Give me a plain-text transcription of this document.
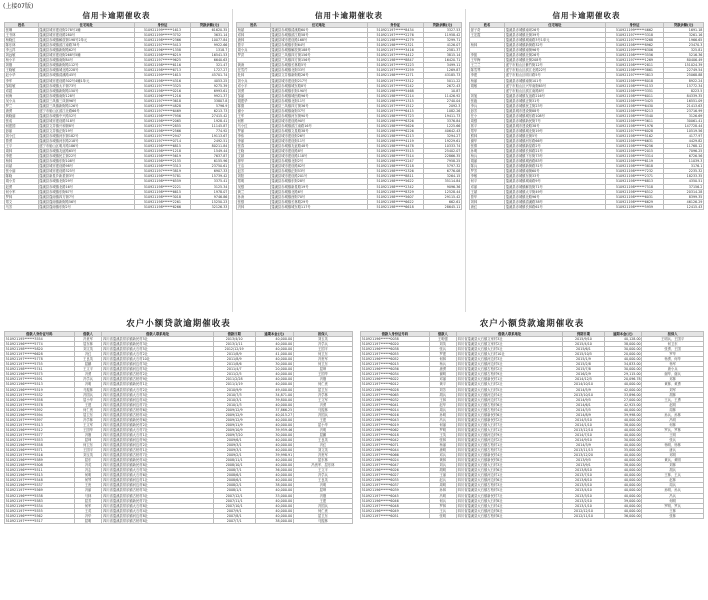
(上接07版)
信用卡逾期催收表
姓名	住宅地址	身份证	贷款余额(元)
张琳	蓬溪县城市建设街278号1幢	510921199******1613	61620.35
王书林	蓬溪县城市建设路280号	510921199******3752	3631.14
杨晓红	蓬溪县赤城镇解放街198号2单元	510921198******2366	10077.84
陈东林	蓬溪县赤城镇滨江南路78号	510921197******5413	9922.66
李云祥	蓬溪县赤城镇新街路62号	510921196******1358	1318.7
刘远敏	蓬溪县城市建设街268号5幢	510921198******6219	16541.53
杨小平	蓬溪县赤城镇南街84号	510921197******9625	6640.63
刘刚	蓬溪县赤城镇新街路112号	510921198******6116	321.47
王晓敏	蓬溪县赤城镇城北路228号	510921198******6713	1727.27
赵小华	蓬溪县赤城镇清溪路45号	510921199******1615	45701.74
李军	蓬溪县城市建设路302号4幢1单元	510921198******4316	4053.25
邹绍敏	蓬溪县赤城镇太平街73号	510921197******3325	9275.39
邓超	蓬溪县赤城镇新街路150号	510921198******0216	6993.61
何海	蓬溪县赤城镇南街128号	510921196******1216	9921.37
吴小兵	蓬溪县三凤镇三凤街96号	510921197******3618	33807.8
罗兰	蓬溪县三凤镇新街路126号	510921198******4828	5796.9
唐勇	遂宁市船山区滨江北路66号	510921197******6469	6213.73
黄晓丽	蓬溪县赤城镇中兴路52号	510921198******7956	27415.42
张成	蓬溪县城市建设路318号	510921198******2065	1928.41
何建国	蓬溪县文井镇兴和街8号	510921197******2855	11145.87
彭丽	蓬溪县文井镇正街19号	510921198******2566	774.92
刘小红	蓬溪县赤城镇河东街182号	510921197******2947	19113.67
曾勇	蓬溪县赤城镇河东路218号	510921197******0714	2492.51
王平	遂宁市船山区明月路186号	510921198******6815	80211.84
周林	蓬溪县赤城镇友谊路65号	510921198******1218	1549.44
李建	蓬溪县赤城镇民主街22号	510921198******5619	7637.87
杨林	蓬溪县赤城镇东街108号	510921198******2155	6155.96
向斌	蓬溪县城市建设路98号	510921198******3313	23750.61
张小丽	蓬溪县城市建设路325号	510921197******3819	6907.33
陈晓	蓬溪县新星乡新星街3号	510921198******5781	15739.42
胡小芳	蓬溪县赤城镇北街29号	510921198******6559	3375.41
赵勇	蓬溪县赤城镇北路16号	510921198******2221	3125.34
何小军	蓬溪县赤城镇东街67号	510921198******6615	1978.07
罗林	蓬溪县蓬南镇四方街7号	510921198******3018	9746.86
郑文	蓬溪县蓬南镇新街路56号	510921198******2261	15250.23
马芳	蓬溪县蓬南镇东街2号	510921198******6266	32126.33
信用卡逾期催收表
姓名	住宅地址	身份证	贷款余额(元)
杨斌	蓬溪县赤城镇清溪路60号	510921197******8434	3327.53
邓林	蓬溪县赤城镇滨江路58号	510921197******2276	11958.42
唐林	蓬溪县城市建设路168号	510921198******4279	3299.71
曾平	蓬溪县赤城镇东街64号	510921198******2321	4126.07
周小兵	蓬溪县赤城镇解放街188号	510921197******3416	2581.37
罗洪	蓬溪县三凤镇四方街156号	510921197******4412	3815.14
	蓬溪县三凤镇四方街156号	510921198******8847	16420.71
黄涛	蓬溪县赤城镇长林路5号	510921197******3223	3499.11
任雪芹	蓬溪县赤城镇北街33号	510921197******3259	1269.87
杜林	蓬溪县文井镇新街路26号	510921198******1271	43185.73
刘小兵	蓬溪县城市建设街217号	510921197******3312	5011.22
邓小平	蓬溪县赤城镇城东路8号	510921197******5242	2672.43
刘勇	蓬溪县赤城镇东街190号	510921198******5468	10.87
邹丽	蓬溪县赤城镇城西路96号	510921198******2214	11426.92
胡建华	蓬溪县赤城镇北街11号	510921198******1315	2740.04
陈德	蓬溪县三凤镇四方街36号	510921197******1512	2092.3
谢小	蓬溪县赤城镇南街37号	510921197******6415	1082.26
王军	蓬溪县赤城镇河东街90号	510921198******5723	19411.73
何彬	蓬溪县城市建设路90号	510921198******6326	3376.84
马小红	蓬溪县赤城镇滨江南路16号	510921198******5626	1225.66
罗丽	蓬溪县赤城镇文星路38号	510921198******6226	40642.43
李伟	蓬溪县城市建设街26号	510921198******4213	3294.27
李丽	蓬溪县城市建设街11号	510921198******4119	19229.61
张春	蓬溪县赤城镇友谊路48号	510921198******4478	10333.74
王晓	蓬溪县城市建设路8号	510921198******3515	25402.07
文颖	蓬溪县城市建设路118号	510921198******7514	22866.35
廖华	蓬溪县赤城镇北街2号	510921198******2247	7958.25
王洁	蓬溪县城市建设路82号	510921198******3218	5797.32
赵芳	蓬溪县赤城镇正街53号	510921198******2326	6776.08
刘阳	蓬溪县城市建设路201号	510921198******8811	3264.15
郑明	蓬溪县赤城镇东街28号	510921198******5622	35114.84
吴强	蓬溪县赤城镇新星路19号	510921198******2342	9096.36
黄兰	蓬溪县赤城镇北路6号	510921198******8329	12528.44
孙涛	蓬溪县赤城镇西街70号	510921198******5607	29115.42
张强	蓬溪县赤城镇长林路29号	510921198******6622	662.61
冯林	蓬溪县赤城镇城东路117号	510921198******6618	28645.11
信用卡逾期催收表
姓名	住宅地址	身份证	贷款余额(元)
晏子奇	蓬溪县赤城镇南坝26号	510921199******4662	1691.18
王宏霞	蓬溪县赤城镇北街39号	510921197******3318	3261.16
	蓬溪县赤城镇城南路3号1单元	510921197******3268	1966.65
杨林	蓬溪县赤城镇新街路32号	510921198******8962	23470.3
	蓬溪县赤城镇南街96号	510921199******6306	325.81
李振	蓬溪县赤城镇北街26号	510921198******3556	5216.36
王华梅	蓬溪县赤城镇北街208号	510921197******1269	80406.49
王兰兰	遂宁市船山区紫竹街12号	510921198******2811	151024.39
陈雪琴	遂宁市船山区滨江北路22号	510921198******3861	22749.54
李建	遂宁市船山区明月路5号	510921197******3813	25068.88
杨丽	蓬溪县赤城镇南街101号	510921198******8018	8922.24
胡敏	遂宁市船山区兴华南街65号	510921198******4153	15772.34
	遂宁市船山区滨江南路8号	510921198******3351	8223.5
刘旭	蓬溪县赤城镇友谊路216号	510921198******6011	84339.35
张毅	蓬溪县赤城镇正街31号	510921198******3425	16551.09
李兵	蓬溪县赤城镇民主街23号	510921198******6430	21413.63
彭芳	蓬溪县城市建设街88号	510921198******8213	23716.99
任小	蓬溪县赤城镇城东路108号	510921198******3540	3126.69
周强	蓬溪县赤城镇新民街7号	510921198******3611	30061.41
郭平	蓬溪县城市建设路38号	510921198******1976	147728.44
郑华	蓬溪县赤城镇城北街19号	510921197******6028	10519.56
熊林	蓬溪县赤城镇北街5号	510921198******5162	4177.97
谢华	蓬溪县赤城镇河东路66号	510921198******6631	4429.82
张倩	蓬溪县赤城镇新星路2号	510921198******6256	11768.12
孙明	蓬溪县赤城镇长林路21号	510921198******2015	7096.25
杨兵	蓬溪县赤城镇下东街73号	510921198******3314	6726.56
胡丽	蓬溪县赤城镇城西路83号	510921198******6119	11039.3
陈兵	蓬溪县赤城镇新街路31号	510921198******3818	3176.1
罗芳	蓬溪县赤城镇南街60号	510921198******7232	2235.32
李敏	蓬溪县赤城镇东街33号	510921198******2371	18233.35
何平	蓬溪县赤城镇城南路9号	510921198******6813	4350.51
邓丽	蓬溪县赤城镇解放街71号	510921198******7518	37156.2
王斌	蓬溪县赤城镇太平街49号	510921198******6512	20314.28
曾华	蓬溪县赤城镇北路96号	510921198******6031	8399.35
刘林	蓬溪县赤城镇清溪路38号	510921198******6629	46126.29
唐红	蓬溪县赤城镇长林路61号	510921198******5959	12415.43
农户小额贷款逾期催收表
借款人身份证号码	借款人	借款人联系地址	借款日期	逾期本金(元)	担保人
510921195******3554	冯贵军	四川省蓬溪县常乐镇新民村5社	2013/4/10	40,000.00	刘玉英
510921196******5774	屈东林	四川省蓬溪县常乐镇新民村3社	2013/1/11	40,000.00	冯学兵
510921198******5820	刘文英	四川省蓬溪县常乐镇大石村5社	2012/12/19	40,000.00	王国平
510921197******6628	冯红	四川省蓬溪县常乐镇大石村2社	2011/8/9	41,000.00	何卫东
510921197******5778	王良英	四川省蓬溪县常乐镇大石村10社	2011/8/9	40,000.00	冯贵军
510921197******5755	屈鹏	四川省蓬溪县常乐镇河边村3社	2011/8/6	30,000.00	何卫东
510921198******5741	王文平	四川省蓬溪县常乐镇河边村5社	2011/4/7	20,000.00	屈坤
510921196******5575	冯勇	四川省蓬溪县常乐镇古柏村2社	2011/2/5	40,000.00	王国华
510921197******5591	冯学兵	四川省蓬溪县常乐镇古柏村9社	2011/2/28	40,000.00	冯刚
510921196******5513	冯明	四川省蓬溪县常乐镇新民村1社	2011/1/19	40,000.00	何仁贵
510921196******5519	马振林	四川省蓬溪县常乐镇大石村2社	2010/9/9	49,400.00	屈卫东
510921197******5532	冯国兵	四川省蓬溪县常乐镇大石村5社	2010/7/3	34,871.00	冯学林
510921196******5558	屈小华	四川省蓬溪县常乐镇河边村4社	2010/3/1	39,800.00	王文军
510921197******5578	王建	四川省蓬溪县常乐镇河边村7社	2010/1/3	40,000.00	冯勇
510921196******5592	何仁贵	四川省蓬溪县常乐镇古柏村6社	2009/12/9	37,866.25	马振林
510921196******5594	屈卫东	四川省蓬溪县常乐镇古柏村4社	2009/12/9	40,015.27	冯国兵
510921197******5597	冯学林	四川省蓬溪县常乐镇新民村6社	2009/12/9	40,000.00	王建
510921197******5513	王文军	四川省蓬溪县常乐镇新民村2社	2009/11/9	40,000.00	屈小华
510921196******5512	王国华	四川省蓬溪县常乐镇大石村7社	2009/10/9	39,959.46	冯明
510921197******5577	冯刚	四川省蓬溪县常乐镇大石村1社	2009/7/20	30,000.00	屈鹏
510921197******5553	屈坤	四川省蓬溪县常乐镇河边村9社	2009/6/1	40,000.00	王良英
510921196******5558	何卫东	四川省蓬溪县常乐镇河边村2社	2009/3/1	40,000.00	冯红
510921196******5571	王国平	四川省蓬溪县常乐镇古柏村1社	2009/3/1	40,000.00	刘文英
510921197******5516	刘玉英	四川省蓬溪县常乐镇古柏村7社	2009/2/1	39,998.91	冯贵军
510921196******5589	屈东	四川省蓬溪县常乐镇新民村4社	2008/11/1	40,000.00	屈东林
510921198******5508	冯英	四川省蓬溪县常乐镇新民村8社	2008/10/1	40,000.00	冯贵军、屈东林
510921196******5511	冯志	四川省蓬溪县常乐镇大石村3社	2008/7/1	36,000.00	王文平
510921196******5515	何明	四川省蓬溪县常乐镇大石村6社	2008/6/1	40,000.00	冯学兵
510921197******5548	何琴	四川省蓬溪县常乐镇河边村1社	2008/6/1	40,000.00	王良英
510921196******5537	王贵	四川省蓬溪县常乐镇河边村6社	2008/2/1	38,000.00	冯明
510921197******5569	冯丽	四川省蓬溪县常乐镇古柏村3社	2008/1/1	40,000.00	屈坤
510921196******5538	马林	四川省蓬溪县常乐镇古柏村5社	2007/12/1	33,000.00	冯刚
510921197******5583	屈芳	四川省蓬溪县常乐镇新民村7社	2007/11/1	40,000.00	王建
510921196******5534	何军	四川省蓬溪县常乐镇大石村8社	2007/10/1	40,000.00	冯国兵
510921197******5555	王英	四川省蓬溪县常乐镇大石村4社	2007/9/1	40,000.00	何仁贵
510921196******5562	冯华	四川省蓬溪县常乐镇河边村8社	2007/8/1	40,000.00	屈卫东
510921197******5517	屈明	四川省蓬溪县常乐镇古柏村8社	2007/7/1	38,000.00	马振林
农户小额贷款逾期催收表
借款人身份证号码	借款人	借款人联系地址	到期日期	逾期本金(元)	担保人
510921196******0038	王明强	四川省蓬溪县大石镇文家村3社	2015/9/10	40,128.00	王明兵、王国平
510921197******6020	刘英	四川省蓬溪县大石镇文家村2社	2015/4/10	38,000.00	何卫东
510921196******6038	张兵	四川省蓬溪县大石镇大石村5社	2015/6/1	30,000.00	张勇、王国
510921197******6055	罗建	四川省蓬溪县大石镇大石村10社	2015/10/5	20,000.00	罗华
510921196******6052	何林	四川省蓬溪县大石镇河边村3社	2015/1/9	40,000.00	杨勇、何华
510921197******6015	杨兵	四川省蓬溪县大石镇河边村5社	2015/2/8	34,833.00	杨军
510921196******6036	唐勇	四川省蓬溪县大石镇古柏村2社	2015/7/8	30,000.00	唐小兵
510921197******6034	谢明	四川省蓬溪县大石镇古柏村9社	2016/2/9	29,115.00	谢华、谢兵
510921196******6022	邓丽	四川省蓬溪县大石镇新民村1社	2014/12/5	20,096.78	邓林
510921197******6012	黄平	四川省蓬溪县大石镇大石村2社	2014/10/10	40,000.00	黄林、黄勇
510921196******6028	刘芳	四川省蓬溪县大石镇大石村5社	2014/5/9	42,000.00	刘军
510921197******6065	胡兵	四川省蓬溪县大石镇河边村4社	2013/10/10	33,896.00	胡林
510921196******6032	王林	四川省蓬溪县大石镇河边村7社	2014/9/5	27,000.00	王兵、王勇
510921197******6041	赵华	四川省蓬溪县大石镇古柏村6社	2014/6/1	42,925.00	赵明
510921196******6014	周兵	四川省蓬溪县大石镇古柏村4社	2014/3/5	40,000.00	周林
510921197******6016	孙明	四川省蓬溪县大石镇新民村6社	2014/8/9	39,998.00	孙兵、孙林
510921196******6043	冯兵	四川省蓬溪县大石镇新民村2社	2014/5/10	40,000.00	冯明
510921197******6019	何丽	四川省蓬溪县大石镇大石村7社	2014/1/10	38,000.00	何林
510921196******6062	罗明	四川省蓬溪县大石镇大石村1社	2013/12/10	40,000.00	罗兵、罗林
510921197******6018	王英	四川省蓬溪县大石镇河边村9社	2014/7/10	40,000.00	王明
510921196******6042	张林	四川省蓬溪县大石镇河边村2社	2014/9/10	30,000.00	张兵
510921197******6071	杨丽	四川省蓬溪县大石镇古柏村1社	2014/3/9	40,000.00	杨明、杨林
510921196******6044	唐明	四川省蓬溪县大石镇古柏村7社	2013/11/15	35,000.00	唐兵
510921197******6066	邓兵	四川省蓬溪县大石镇新民村4社	2013/12/20	40,000.00	邓明
510921196******6024	黄林	四川省蓬溪县大石镇新民村8社	2013/9/5	40,000.00	黄兵、黄明
510921197******6047	刘兵	四川省蓬溪县大石镇大石村3社	2013/9/1	38,000.00	刘林
510921196******6026	胡明	四川省蓬溪县大石镇大石村6社	2013/8/10	40,000.00	胡兵
510921197******6027	王丽	四川省蓬溪县大石镇河边村1社	2013/7/10	40,000.00	王林、王兵
510921196******6035	赵兵	四川省蓬溪县大石镇河边村6社	2013/6/10	40,000.00	赵林
510921197******6037	周明	四川省蓬溪县大石镇古柏村3社	2013/5/10	40,000.00	周兵
510921196******6039	孙林	四川省蓬溪县大石镇古柏村5社	2013/4/10	40,000.00	孙明、孙兵
510921197******6045	冯明	四川省蓬溪县大石镇新民村7社	2013/3/10	40,000.00	冯兵
510921196******6046	何兵	四川省蓬溪县大石镇大石村8社	2013/2/10	39,000.00	何明
510921197******6048	罗林	四川省蓬溪县大石镇大石村4社	2013/1/10	40,000.00	罗明、罗兵
510921196******6049	王兵	四川省蓬溪县大石镇河边村8社	2012/12/10	40,000.00	王林
510921197******6051	张明	四川省蓬溪县大石镇古柏村8社	2012/11/10	36,000.00	张林
